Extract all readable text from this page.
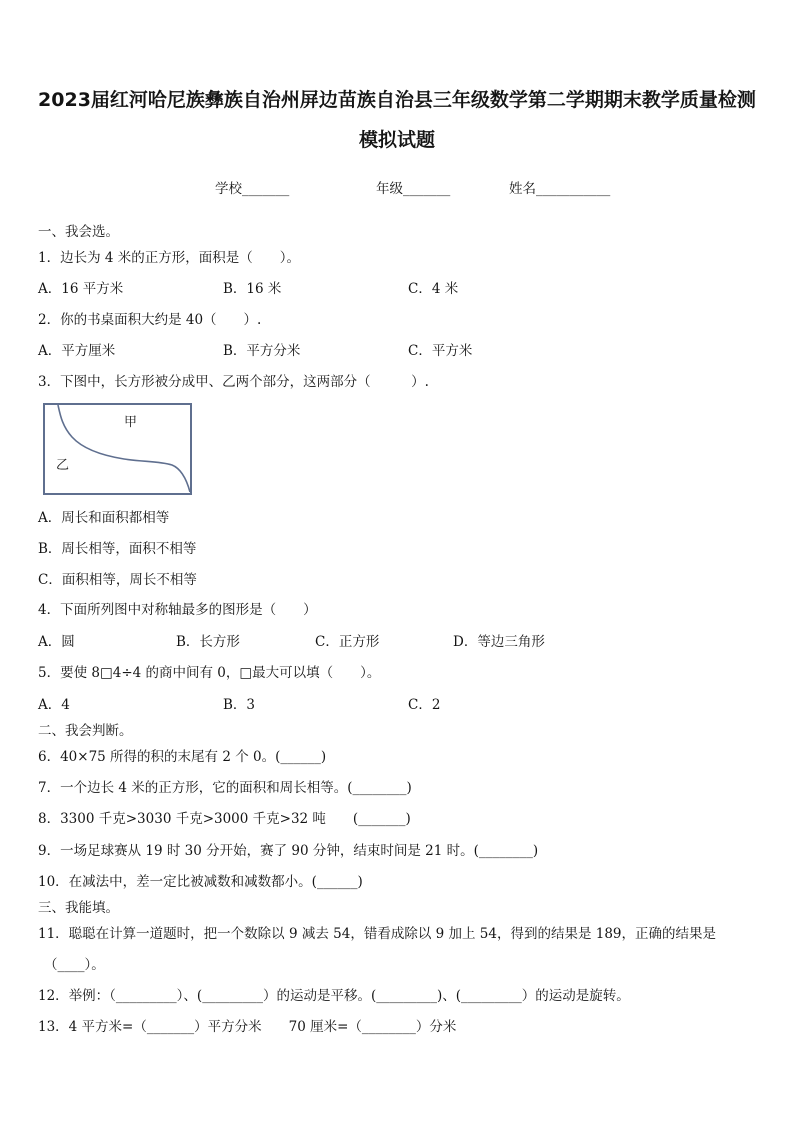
2023届红河哈尼族彝族自治州屏边苗族自治县三年级数学第二学期期末教学质量检测
模拟试题
学校_______	年级_______	姓名___________
一、我会选。
1．边长为 4 米的正方形，面积是（　　）。
A．16 平方米	B．16 米	C．4 米
2．你的书桌面积大约是 40（　　）.
A．平方厘米	B．平方分米	C．平方米
3．下图中，长方形被分成甲、乙两个部分，这两部分（　　　）.
甲
乙
A．周长和面积都相等
B．周长相等，面积不相等
C．面积相等，周长不相等
4．下面所列图中对称轴最多的图形是（　　）
A．圆	B．长方形	C．正方形	D．等边三角形
5．要使 8□4÷4 的商中间有 0，□最大可以填（　　）。
A．4	B．3	C．2
二、我会判断。
6．40×75 所得的积的末尾有 2 个 0。(______)
7．一个边长 4 米的正方形，它的面积和周长相等。(________)
8．3300 千克>3030 千克>3000 千克>32 吨　　(_______)
9．一场足球赛从 19 时 30 分开始，赛了 90 分钟，结束时间是 21 时。(________)
10．在减法中，差一定比被减数和减数都小。(______)
三、我能填。
11．聪聪在计算一道题时，把一个数除以 9 减去 54，错看成除以 9 加上 54，得到的结果是 189，正确的结果是
（____）。
12．举例：（_________）、(_________）的运动是平移。(_________)、(_________）的运动是旋转。
13．4 平方米=（_______）平方分米　　70 厘米=（________）分米
